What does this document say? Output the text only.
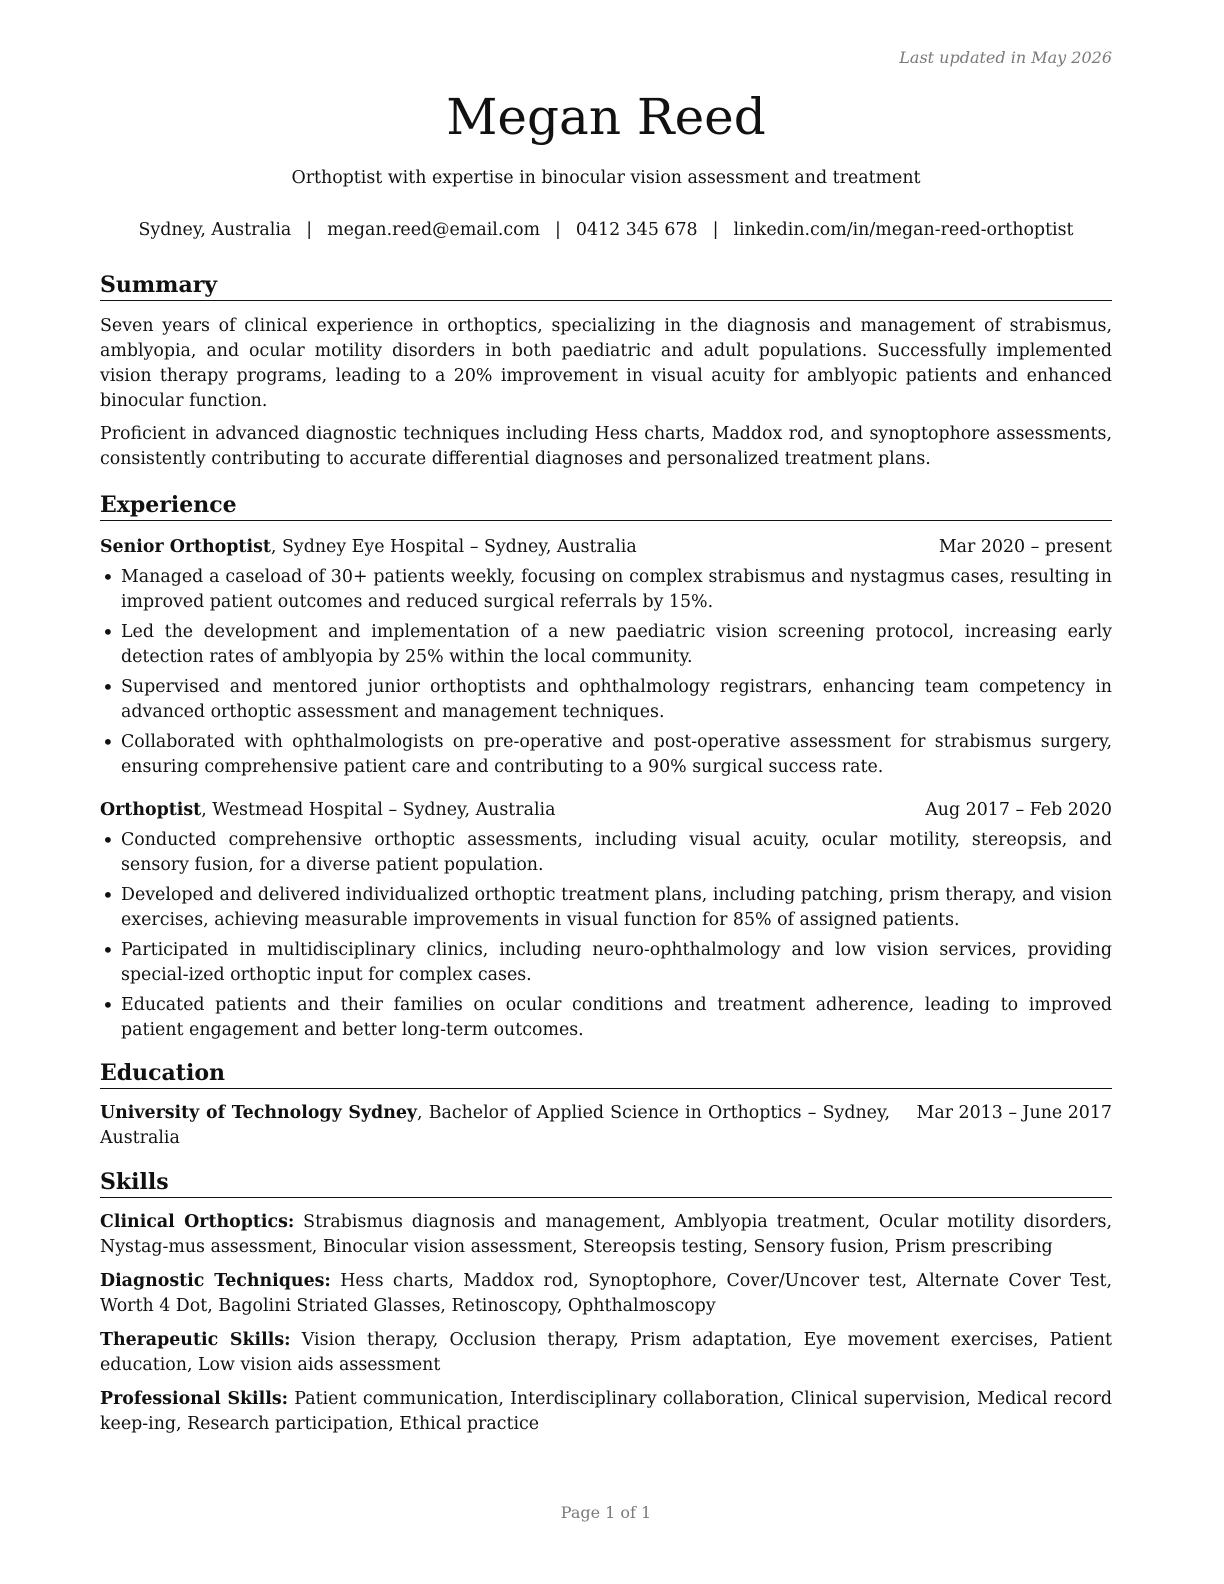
Last updated in May 2026
Megan Reed
Orthoptist with expertise in binocular vision assessment and treatment
Sydney, Australia | megan.reed@email.com | 0412 345 678 | linkedin.com/in/megan-reed-orthoptist
Summary

Seven years of clinical experience in orthoptics, specializing in the diagnosis and management of strabismus, amblyopia, and ocular motility disorders in both paediatric and adult populations. Successfully implemented vision therapy programs, leading to a 20% improvement in visual acuity for amblyopic patients and enhanced binocular function.

Proficient in advanced diagnostic techniques including Hess charts, Maddox rod, and synoptophore assessments, consistently contributing to accurate differential diagnoses and personalized treatment plans.

Experience
Senior Orthoptist, Sydney Eye Hospital – Sydney, Australia	Mar 2020 – present
• Managed a caseload of 30+ patients weekly, focusing on complex strabismus and nystagmus cases, resulting in improved patient outcomes and reduced surgical referrals by 15%.
• Led the development and implementation of a new paediatric vision screening protocol, increasing early detection rates of amblyopia by 25% within the local community.
• Supervised and mentored junior orthoptists and ophthalmology registrars, enhancing team competency in advanced orthoptic assessment and management techniques.
• Collaborated with ophthalmologists on pre-operative and post-operative assessment for strabismus surgery, ensuring comprehensive patient care and contributing to a 90% surgical success rate.
Orthoptist, Westmead Hospital – Sydney, Australia	Aug 2017 – Feb 2020
• Conducted comprehensive orthoptic assessments, including visual acuity, ocular motility, stereopsis, and sensory fusion, for a diverse patient population.
• Developed and delivered individualized orthoptic treatment plans, including patching, prism therapy, and vision exercises, achieving measurable improvements in visual function for 85% of assigned patients.
• Participated in multidisciplinary clinics, including neuro-ophthalmology and low vision services, providing special-ized orthoptic input for complex cases.
• Educated patients and their families on ocular conditions and treatment adherence, leading to improved patient engagement and better long-term outcomes.
Education
University of Technology Sydney, Bachelor of Applied Science in Orthoptics – Sydney, Australia
Mar 2013 – June 2017
Skills

Clinical Orthoptics: Strabismus diagnosis and management, Amblyopia treatment, Ocular motility disorders, Nystag-mus assessment, Binocular vision assessment, Stereopsis testing, Sensory fusion, Prism prescribing

Diagnostic Techniques: Hess charts, Maddox rod, Synoptophore, Cover/Uncover test, Alternate Cover Test, Worth 4 Dot, Bagolini Striated Glasses, Retinoscopy, Ophthalmoscopy

Therapeutic Skills: Vision therapy, Occlusion therapy, Prism adaptation, Eye movement exercises, Patient education, Low vision aids assessment

Professional Skills: Patient communication, Interdisciplinary collaboration, Clinical supervision, Medical record keep-ing, Research participation, Ethical practice

Page 1 of 1
